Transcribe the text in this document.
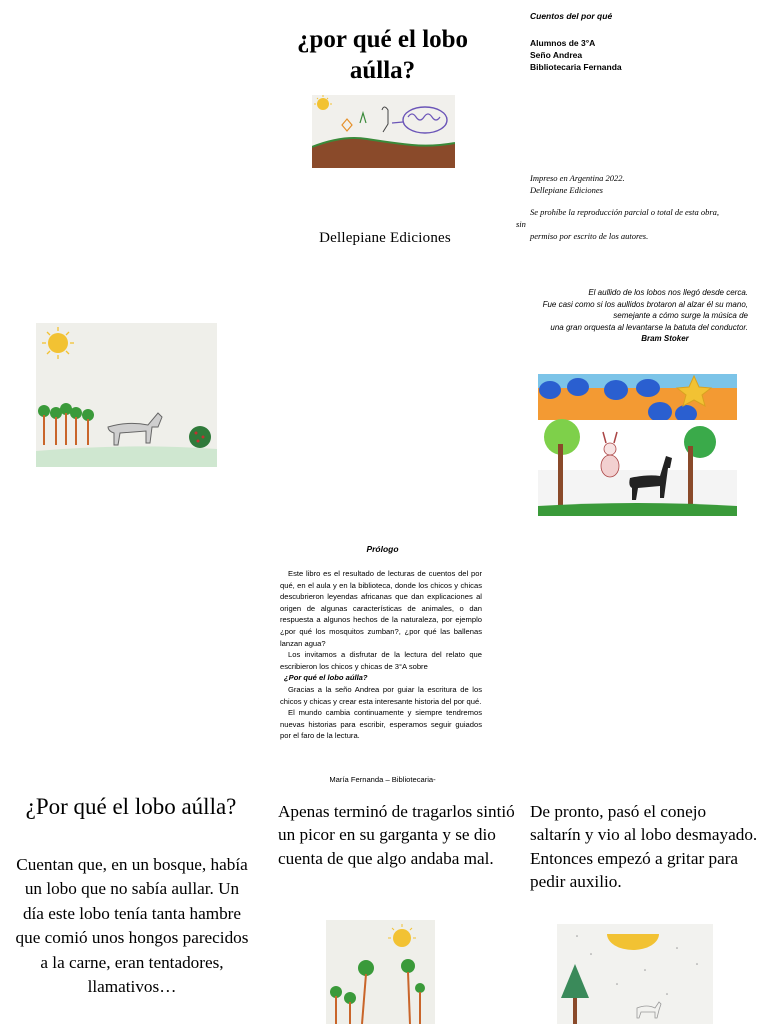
¿por qué el lobo aúlla?
Dellepiane Ediciones
Cuentos del por qué
Alumnos de 3°A
Seño Andrea
Bibliotecaria Fernanda
Impreso en Argentina 2022.
Dellepiane Ediciones
Se prohíbe la reproducción parcial o total de esta obra,
sin
permiso por escrito de los autores.
El aullido de los lobos nos llegó desde cerca.
Fue casi como si los aullidos brotaron al alzar él su mano,
semejante a cómo surge la música de
una gran orquesta al levantarse la batuta del conductor.
Bram Stoker
Prólogo

Este libro es el resultado de lecturas de cuentos del por qué, en el aula y en la biblioteca, donde los chicos y chicas descubrieron leyendas africanas que dan explicaciones al origen de algunas características de animales, o dan respuesta a algunos hechos de la naturaleza, por ejemplo ¿por qué los mosquitos zumban?, ¿por qué las ballenas lanzan agua?

Los invitamos a disfrutar de la lectura del relato que escribieron los chicos y chicas de 3°A sobre

¿Por qué el lobo aúlla?

Gracias a la seño Andrea por guiar la escritura de los chicos y chicas y crear esta interesante historia del por qué.

El mundo cambia continuamente y siempre tendremos nuevas historias para escribir, esperamos seguir guiados por el faro de la lectura.

María Fernanda – Bibliotecaria-
¿Por qué el lobo aúlla?
Cuentan que, en un bosque, había un lobo que no sabía aullar. Un día este lobo tenía tanta hambre que comió unos hongos parecidos a la carne, eran tentadores, llamativos…
Apenas terminó de tragarlos sintió un picor en su garganta y se dio cuenta de que algo andaba mal.
De pronto, pasó el conejo saltarín y vio al lobo desmayado. Entonces empezó a gritar para pedir auxilio.
